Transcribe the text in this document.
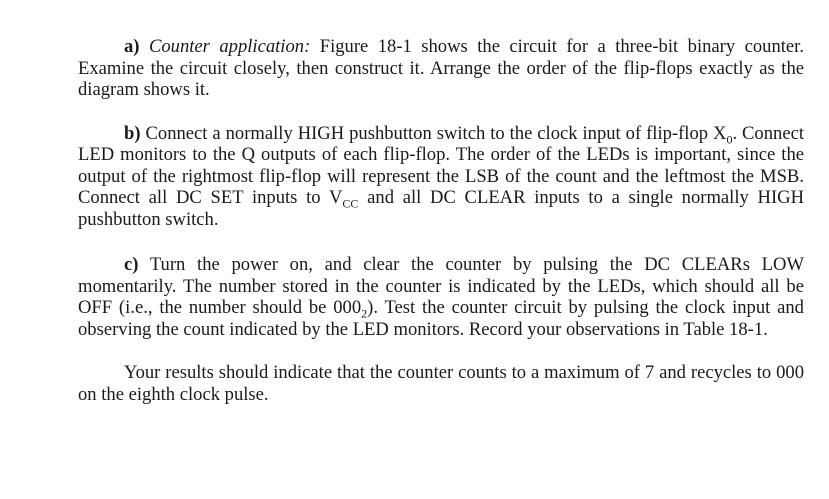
a) Counter application: Figure 18-1 shows the circuit for a three-bit binary counter. Examine the circuit closely, then construct it. Arrange the order of the flip-flops exactly as the diagram shows it.

b) Connect a normally HIGH pushbutton switch to the clock input of flip-flop $X_0$. Connect LED monitors to the Q outputs of each flip-flop. The order of the LEDs is important, since the output of the rightmost flip-flop will represent the LSB of the count and the leftmost the MSB. Connect all DC SET inputs to $V_{CC}$ and all DC CLEAR inputs to a single normally HIGH pushbutton switch.

c) Turn the power on, and clear the counter by pulsing the DC CLEARs LOW momentarily. The number stored in the counter is indicated by the LEDs, which should all be OFF (i.e., the number should be $000_2$). Test the counter circuit by pulsing the clock input and observing the count indicated by the LED monitors. Record your observations in Table 18-1.

Your results should indicate that the counter counts to a maximum of 7 and recycles to 000 on the eighth clock pulse.
